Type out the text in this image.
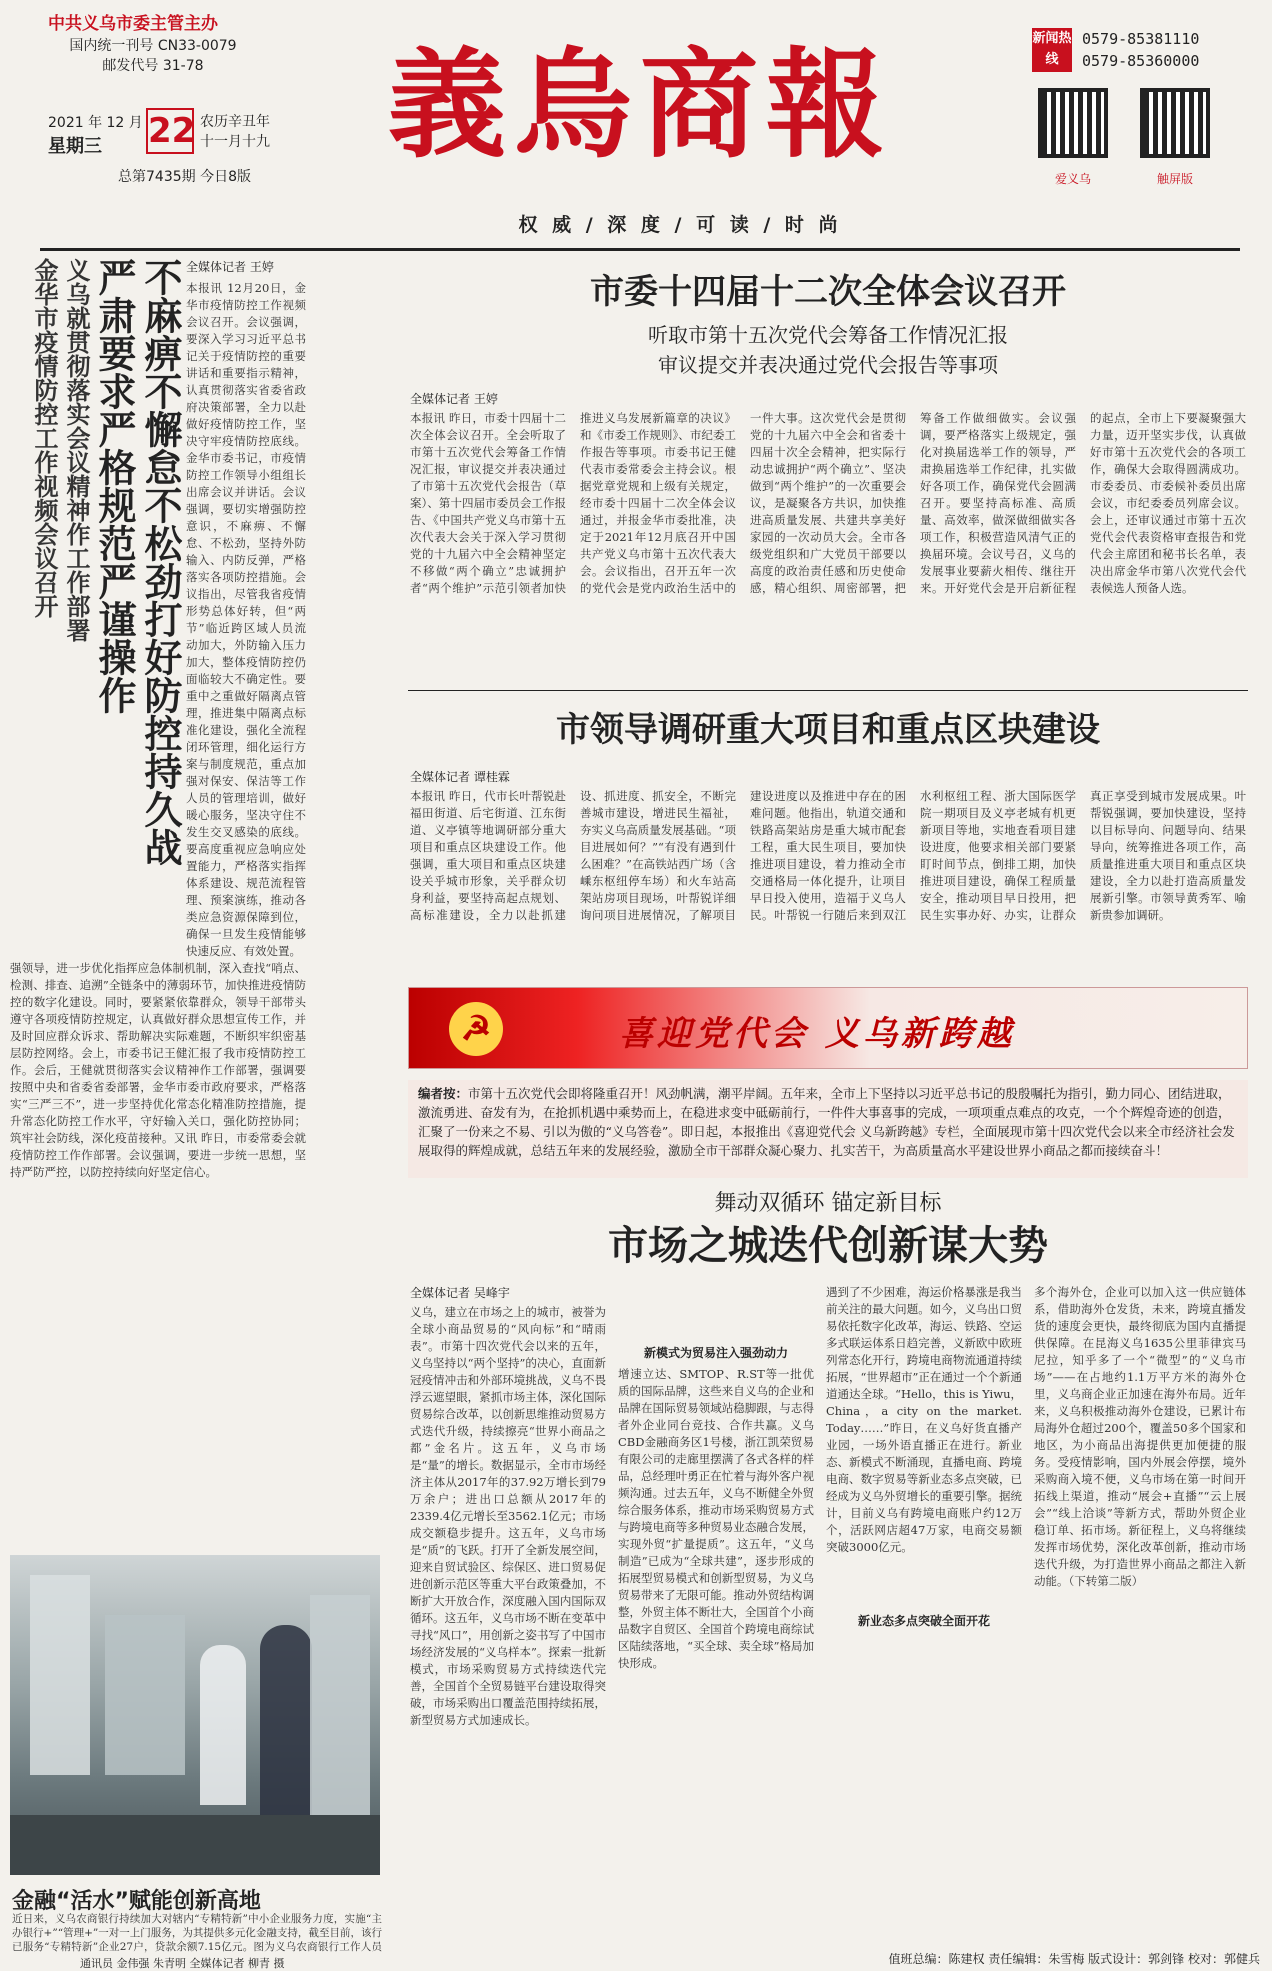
中共义乌市委主管主办
国内统一刊号 CN33-0079
邮发代号 31-78
2021 年 12 月
星期三 22 农历辛丑年
十一月十九
总第7435期 今日8版
義烏商報
权 威 / 深 度 / 可 读 / 时 尚
新闻热线
0579-85381110
0579-85360000
爱义乌	触屏版
金华市疫情防控工作视频会议召开 义乌就贯彻落实会议精神作工作部署 严肃要求严格规范严谨操作 不麻痹不懈怠不松劲打好防控持久战 全媒体记者 王婷
本报讯 12月20日，金华市疫情防控工作视频会议召开。会议强调，要深入学习习近平总书记关于疫情防控的重要讲话和重要指示精神，认真贯彻落实省委省政府决策部署，全力以赴做好疫情防控工作，坚决守牢疫情防控底线。金华市委书记，市疫情防控工作领导小组组长出席会议并讲话。会议强调，要切实增强防控意识，不麻痹、不懈怠、不松劲，坚持外防输入、内防反弹，严格落实各项防控措施。会议指出，尽管我省疫情形势总体好转，但“两节”临近跨区域人员流动加大，外防输入压力加大，整体疫情防控仍面临较大不确定性。要重中之重做好隔离点管理，推进集中隔离点标准化建设，强化全流程闭环管理，细化运行方案与制度规范，重点加强对保安、保洁等工作人员的管理培训，做好暖心服务，坚决守住不发生交叉感染的底线。要高度重视应急响应处置能力，严格落实指挥体系建设、规范流程管理、预案演练，推动各类应急资源保障到位，确保一旦发生疫情能够快速反应、有效处置。
强领导，进一步优化指挥应急体制机制，深入查找“哨点、检测、排查、追溯”全链条中的薄弱环节，加快推进疫情防控的数字化建设。同时，要紧紧依靠群众，领导干部带头遵守各项疫情防控规定，认真做好群众思想宣传工作，并及时回应群众诉求、帮助解决实际难题，不断织牢织密基层防控网络。会上，市委书记王健汇报了我市疫情防控工作。会后，王健就贯彻落实会议精神作工作部署，强调要按照中央和省委省委部署，金华市委市政府要求，严格落实“三严三不”，进一步坚持优化常态化精准防控措施，提升常态化防控工作水平，守好输入关口，强化防控协同；筑牢社会防线，深化疫苗接种。又讯 昨日，市委常委会就疫情防控工作作部署。会议强调，要进一步统一思想，坚持严防严控，以防控持续向好坚定信心。
市委十四届十二次全体会议召开
听取市第十五次党代会筹备工作情况汇报
审议提交并表决通过党代会报告等事项
全媒体记者 王婷
本报讯 昨日，市委十四届十二次全体会议召开。全会听取了市第十五次党代会筹备工作情况汇报，审议提交并表决通过了市第十五次党代会报告（草案）、第十四届市委员会工作报告、《中国共产党义乌市第十五次代表大会关于深入学习贯彻党的十九届六中全会精神坚定不移做“两个确立”忠诚拥护者“两个维护”示范引领者加快推进义乌发展新篇章的决议》和《市委工作规则》、市纪委工作报告等事项。市委书记王健代表市委常委会主持会议。根据党章党规和上级有关规定，经市委十四届十二次全体会议通过，并报金华市委批准，决定于2021年12月底召开中国共产党义乌市第十五次代表大会。会议指出，召开五年一次的党代会是党内政治生活中的一件大事。这次党代会是贯彻党的十九届六中全会和省委十四届十次全会精神，把实际行动忠诚拥护“两个确立”、坚决做到“两个维护”的一次重要会议，是凝聚各方共识，加快推进高质量发展、共建共享美好家园的一次动员大会。全市各级党组织和广大党员干部要以高度的政治责任感和历史使命感，精心组织、周密部署，把筹备工作做细做实。会议强调，要严格落实上级规定，强化对换届选举工作的领导，严肃换届选举工作纪律，扎实做好各项工作，确保党代会圆满召开。要坚持高标准、高质量、高效率，做深做细做实各项工作，积极营造风清气正的换届环境。会议号召，义乌的发展事业要薪火相传、继往开来。开好党代会是开启新征程的起点，全市上下要凝聚强大力量，迈开坚实步伐，认真做好市第十五次党代会的各项工作，确保大会取得圆满成功。市委委员、市委候补委员出席会议，市纪委委员列席会议。会上，还审议通过市第十五次党代会代表资格审查报告和党代会主席团和秘书长名单，表决出席金华市第八次党代会代表候选人预备人选。
市领导调研重大项目和重点区块建设
全媒体记者 谭桂霖
本报讯 昨日，代市长叶帮锐赴福田街道、后宅街道、江东街道、义亭镇等地调研部分重大项目和重点区块建设工作。他强调，重大项目和重点区块建设关乎城市形象，关乎群众切身利益，要坚持高起点规划、高标准建设，全力以赴抓建设、抓进度、抓安全，不断完善城市建设，增进民生福祉，夯实义乌高质量发展基础。“项目进展如何？”“有没有遇到什么困难？”在高铁站西广场（含嵊东枢纽停车场）和火车站高架站房项目现场，叶帮锐详细询问项目进展情况，了解项目建设进度以及推进中存在的困难问题。他指出，轨道交通和铁路高架站房是重大城市配套工程，重大民生项目，要加快推进项目建设，着力推动全市交通格局一体化提升，让项目早日投入使用，造福于义乌人民。叶帮锐一行随后来到双江水利枢纽工程、浙大国际医学院一期项目及义亭老城有机更新项目等地，实地查看项目建设进度，他要求相关部门要紧盯时间节点，倒排工期，加快推进项目建设，确保工程质量安全，推动项目早日投用，把民生实事办好、办实，让群众真正享受到城市发展成果。叶帮锐强调，要加快建设，坚持以目标导向、问题导向、结果导向，统筹推进各项工作，高质量推进重大项目和重点区块建设，全力以赴打造高质量发展新引擎。市领导黄秀军、喻新贵参加调研。
☭	喜迎党代会 义乌新跨越
编者按：市第十五次党代会即将隆重召开！风劲帆满，潮平岸阔。五年来，全市上下坚持以习近平总书记的殷殷嘱托为指引，勤力同心、团结进取，激流勇进、奋发有为，在抢抓机遇中乘势而上，在稳进求变中砥砺前行，一件件大事喜事的完成，一项项重点难点的攻克，一个个辉煌奇迹的创造，汇聚了一份来之不易、引以为傲的“义乌答卷”。即日起，本报推出《喜迎党代会 义乌新跨越》专栏，全面展现市第十四次党代会以来全市经济社会发展取得的辉煌成就，总结五年来的发展经验，激励全市干部群众凝心聚力、扎实苦干，为高质量高水平建设世界小商品之都而接续奋斗！
舞动双循环 锚定新目标
市场之城迭代创新谋大势
全媒体记者 吴峰宇
义乌，建立在市场之上的城市，被誉为全球小商品贸易的“风向标”和“晴雨表”。市第十四次党代会以来的五年，义乌坚持以“两个坚持”的决心，直面新冠疫情冲击和外部环境挑战，义乌不畏浮云遮望眼，紧抓市场主体，深化国际贸易综合改革，以创新思维推动贸易方式迭代升级，持续擦亮“世界小商品之都”金名片。这五年，义乌市场是“量”的增长。数据显示，全市市场经济主体从2017年的37.92万增长到79万余户；进出口总额从2017年的2339.4亿元增长至3562.1亿元；市场成交额稳步提升。这五年，义乌市场是“质”的飞跃。打开了全新发展空间，迎来自贸试验区、综保区、进口贸易促进创新示范区等重大平台政策叠加，不断扩大开放合作，深度融入国内国际双循环。这五年，义乌市场不断在变革中寻找“风口”，用创新之姿书写了中国市场经济发展的“义乌样本”。探索一批新模式，市场采购贸易方式持续迭代完善，全国首个全贸易链平台建设取得突破，市场采购出口覆盖范围持续拓展，新型贸易方式加速成长。
新模式为贸易注入强劲动力
增速立达、SMTOP、R.ST等一批优质的国际品牌，这些来自义乌的企业和品牌在国际贸易领域站稳脚跟，与志得者外企业同台竞技、合作共赢。义乌CBD金融商务区1号楼，浙江凯荣贸易有限公司的走廊里摆满了各式各样的样品，总经理叶勇正在忙着与海外客户视频沟通。过去五年，义乌不断健全外贸综合服务体系，推动市场采购贸易方式与跨境电商等多种贸易业态融合发展，实现外贸“扩量提质”。这五年，“义乌制造”已成为“全球共建”，逐步形成的拓展型贸易模式和创新型贸易，为义乌贸易带来了无限可能。推动外贸结构调整，外贸主体不断壮大，全国首个小商品数字自贸区、全国首个跨境电商综试区陆续落地，“买全球、卖全球”格局加快形成。
新业态多点突破全面开花
遇到了不少困难，海运价格暴涨是我当前关注的最大问题。如今，义乌出口贸易依托数字化改革，海运、铁路、空运多式联运体系日趋完善，义新欧中欧班列常态化开行，跨境电商物流通道持续拓展，“世界超市”正在通过一个个新通道通达全球。“Hello，this is Yiwu，China，a city on the market. Today……”昨日，在义乌好货直播产业园，一场外语直播正在进行。新业态、新模式不断涌现，直播电商、跨境电商、数字贸易等新业态多点突破，已经成为义乌外贸增长的重要引擎。据统计，目前义乌有跨境电商账户约12万个，活跃网店超47万家，电商交易额突破3000亿元。
多个海外仓，企业可以加入这一供应链体系，借助海外仓发货，未来，跨境直播发货的速度会更快，最终彻底为国内直播提供保障。在昆海义乌1635公里菲律宾马尼拉，知乎多了一个“微型”的“义乌市场”——在占地约1.1万平方米的海外仓里，义乌商企业正加速在海外布局。近年来，义乌积极推动海外仓建设，已累计布局海外仓超过200个，覆盖50多个国家和地区，为小商品出海提供更加便捷的服务。受疫情影响，国内外展会停摆，境外采购商入境不便，义乌市场在第一时间开拓线上渠道，推动“展会+直播”“云上展会”“线上洽谈”等新方式，帮助外贸企业稳订单、拓市场。新征程上，义乌将继续发挥市场优势，深化改革创新，推动市场迭代升级，为打造世界小商品之都注入新动能。（下转第二版）
金融“活水”赋能创新高地
近日来，义乌农商银行持续加大对辖内“专精特新”中小企业服务力度，实施“主办银行+”“管理+”一对一上门服务，为其提供多元化金融支持，截至目前，该行已服务“专精特新”企业27户，贷款余额7.15亿元。图为义乌农商银行工作人员
通讯员 金伟强 朱青明 全媒体记者 柳青 摄	值班总编：陈建权 责任编辑：朱雪梅 版式设计：郭剑锋 校对：郭健兵
